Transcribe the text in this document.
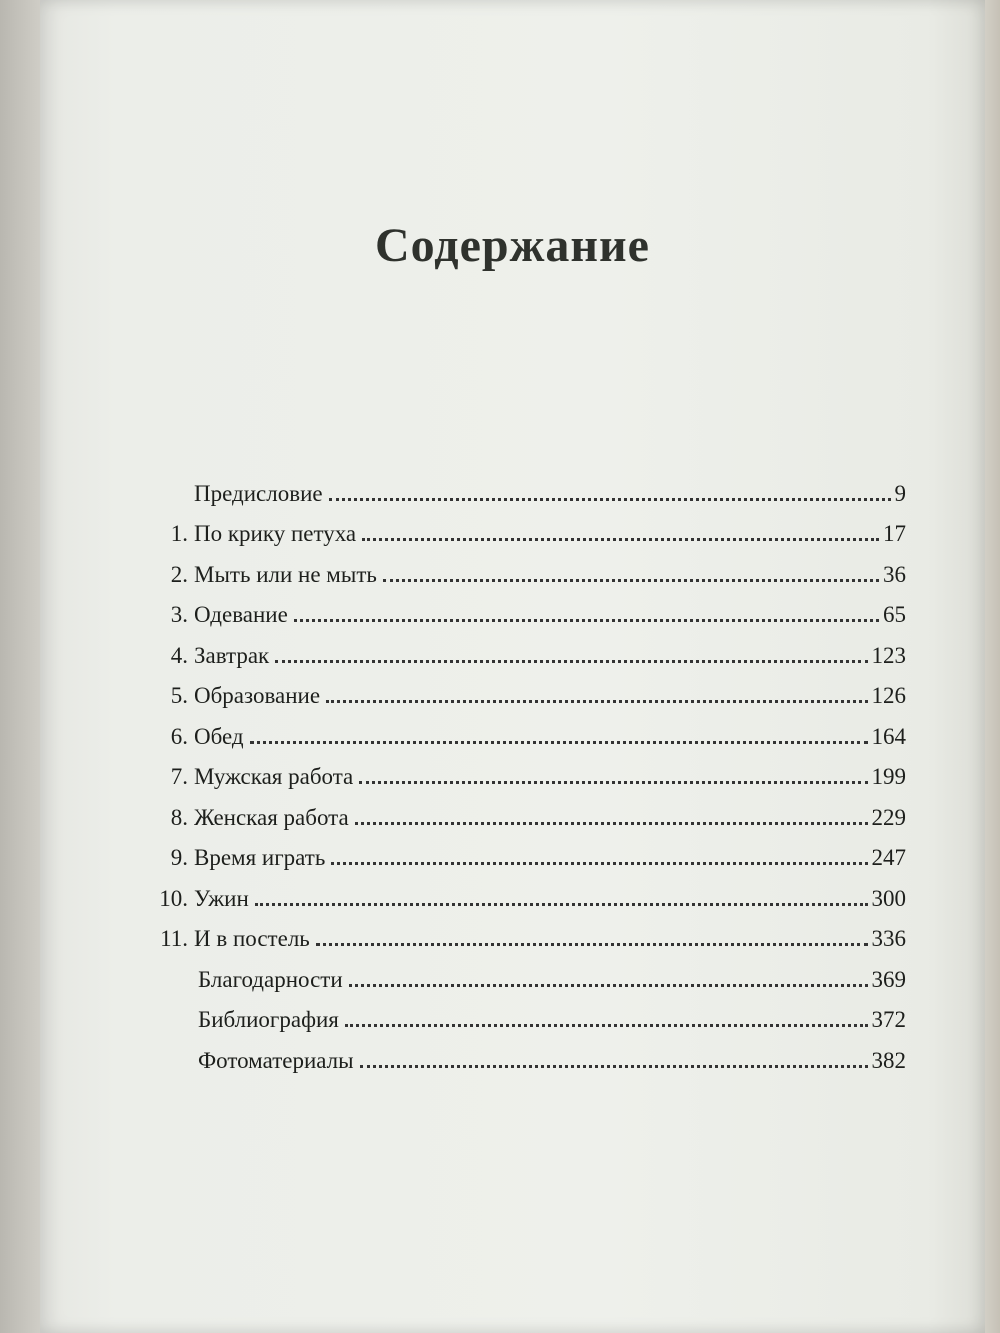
Содержание
Предисловие	9
1. По крику петуха	17
2. Мыть или не мыть	36
3. Одевание	65
4. Завтрак	123
5. Образование	126
6. Обед	164
7. Мужская работа	199
8. Женская работа	229
9. Время играть	247
10. Ужин	300
11. И в постель	336
Благодарности	369
Библиография	372
Фотоматериалы	382
